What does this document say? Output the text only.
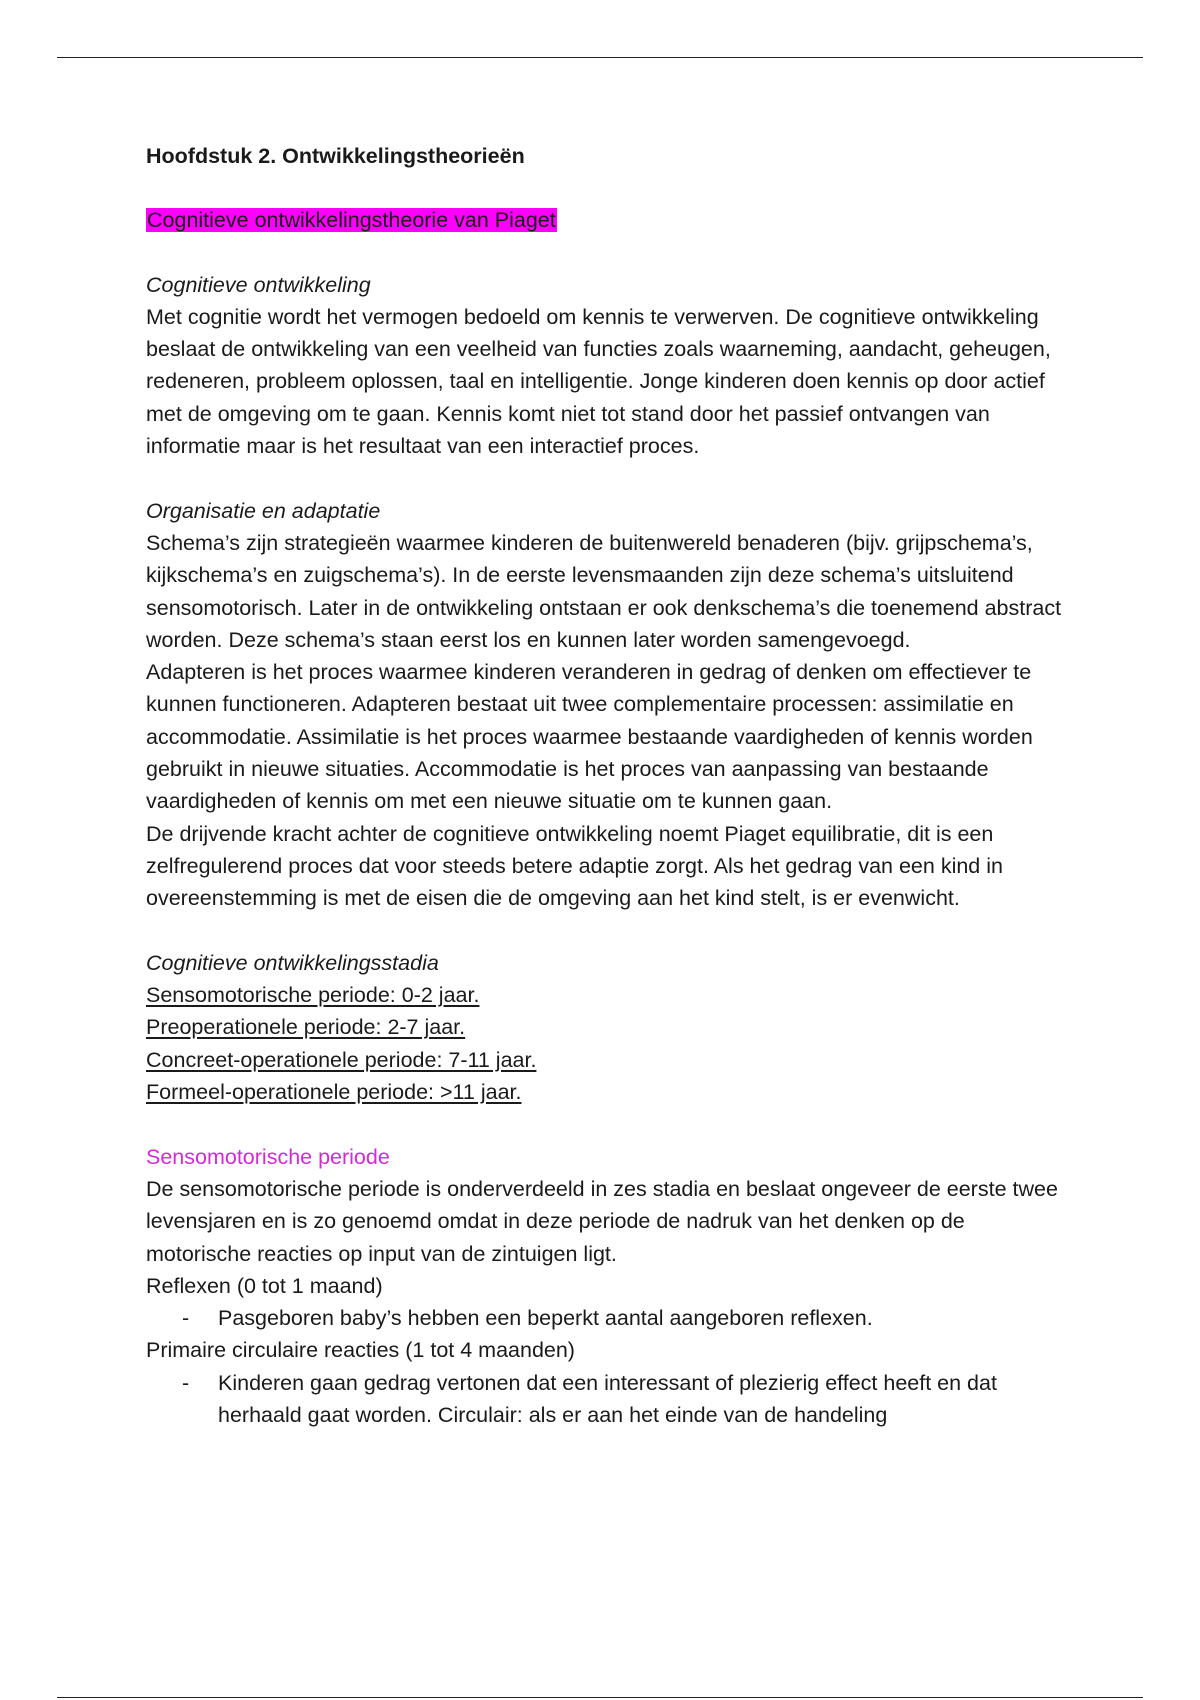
Hoofdstuk 2. Ontwikkelingstheorieën

Cognitieve ontwikkelingstheorie van Piaget

Cognitieve ontwikkeling

Met cognitie wordt het vermogen bedoeld om kennis te verwerven. De cognitieve ontwikkeling beslaat de ontwikkeling van een veelheid van functies zoals waarneming, aandacht, geheugen, redeneren, probleem oplossen, taal en intelligentie. Jonge kinderen doen kennis op door actief met de omgeving om te gaan. Kennis komt niet tot stand door het passief ontvangen van informatie maar is het resultaat van een interactief proces.

Organisatie en adaptatie

Schema’s zijn strategieën waarmee kinderen de buitenwereld benaderen (bijv. grijpschema’s, kijkschema’s en zuigschema’s). In de eerste levensmaanden zijn deze schema’s uitsluitend sensomotorisch. Later in de ontwikkeling ontstaan er ook denkschema’s die toenemend abstract worden. Deze schema’s staan eerst los en kunnen later worden samengevoegd.

Adapteren is het proces waarmee kinderen veranderen in gedrag of denken om effectiever te kunnen functioneren. Adapteren bestaat uit twee complementaire processen: assimilatie en accommodatie. Assimilatie is het proces waarmee bestaande vaardigheden of kennis worden gebruikt in nieuwe situaties. Accommodatie is het proces van aanpassing van bestaande vaardigheden of kennis om met een nieuwe situatie om te kunnen gaan.

De drijvende kracht achter de cognitieve ontwikkeling noemt Piaget equilibratie, dit is een zelfregulerend proces dat voor steeds betere adaptie zorgt. Als het gedrag van een kind in overeenstemming is met de eisen die de omgeving aan het kind stelt, is er evenwicht.

Cognitieve ontwikkelingsstadia

Sensomotorische periode: 0-2 jaar.

Preoperationele periode: 2-7 jaar.

Concreet-operationele periode: 7-11 jaar.

Formeel-operationele periode: >11 jaar.

Sensomotorische periode

De sensomotorische periode is onderverdeeld in zes stadia en beslaat ongeveer de eerste twee levensjaren en is zo genoemd omdat in deze periode de nadruk van het denken op de motorische reacties op input van de zintuigen ligt.

Reflexen (0 tot 1 maand)

- Pasgeboren baby’s hebben een beperkt aantal aangeboren reflexen.

Primaire circulaire reacties (1 tot 4 maanden)

- Kinderen gaan gedrag vertonen dat een interessant of plezierig effect heeft en dat herhaald gaat worden. Circulair: als er aan het einde van de handeling
